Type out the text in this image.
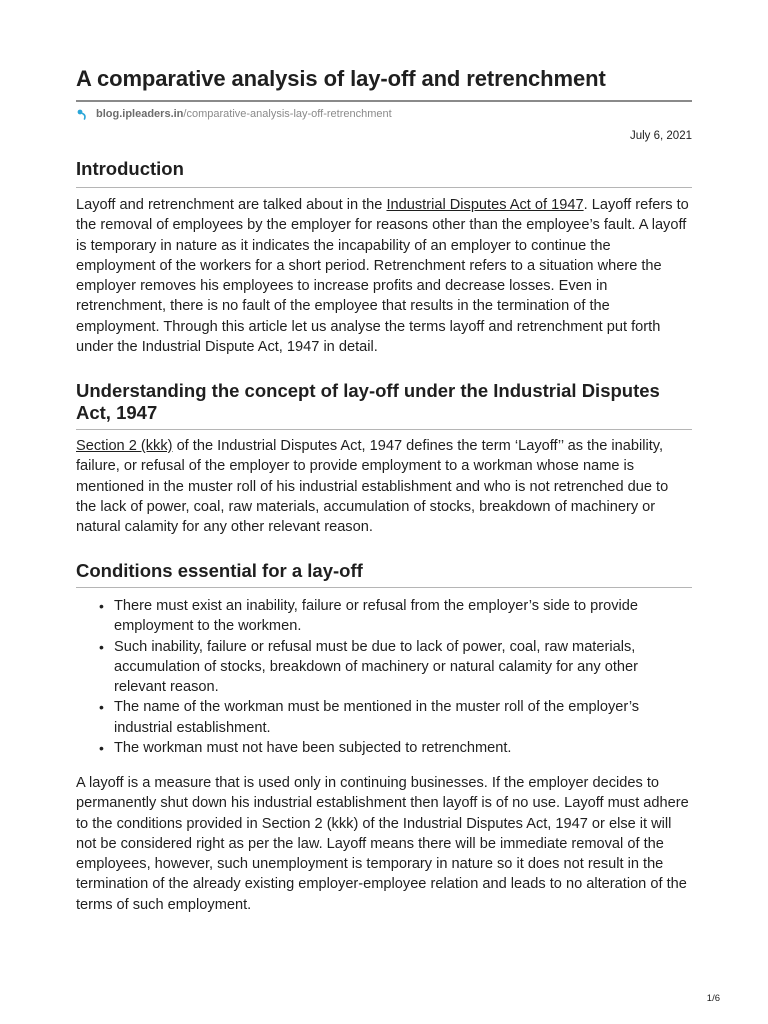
A comparative analysis of lay-off and retrenchment
blog.ipleaders.in /comparative-analysis-lay-off-retrenchment
July 6, 2021
Introduction

Layoff and retrenchment are talked about in the Industrial Disputes Act of 1947. Layoff refers to the removal of employees by the employer for reasons other than the employee’s fault. A layoff is temporary in nature as it indicates the incapability of an employer to continue the employment of the workers for a short period. Retrenchment refers to a situation where the employer removes his employees to increase profits and decrease losses. Even in retrenchment, there is no fault of the employee that results in the termination of the employment. Through this article let us analyse the terms layoff and retrenchment put forth under the Industrial Dispute Act, 1947 in detail.

Understanding the concept of lay-off under the Industrial Disputes Act, 1947

Section 2 (kkk) of the Industrial Disputes Act, 1947 defines the term ‘Layoff’’ as the inability, failure, or refusal of the employer to provide employment to a workman whose name is mentioned in the muster roll of his industrial establishment and who is not retrenched due to the lack of power, coal, raw materials, accumulation of stocks, breakdown of machinery or natural calamity for any other relevant reason.

Conditions essential for a lay-off
• There must exist an inability, failure or refusal from the employer’s side to provide employment to the workmen.
• Such inability, failure or refusal must be due to lack of power, coal, raw materials, accumulation of stocks, breakdown of machinery or natural calamity for any other relevant reason.
• The name of the workman must be mentioned in the muster roll of the employer’s industrial establishment.
• The workman must not have been subjected to retrenchment.

A layoff is a measure that is used only in continuing businesses. If the employer decides to permanently shut down his industrial establishment then layoff is of no use. Layoff must adhere to the conditions provided in Section 2 (kkk) of the Industrial Disputes Act, 1947 or else it will not be considered right as per the law. Layoff means there will be immediate removal of the employees, however, such unemployment is temporary in nature so it does not result in the termination of the already existing employer-employee relation and leads to no alteration of the terms of such employment.

1/6
